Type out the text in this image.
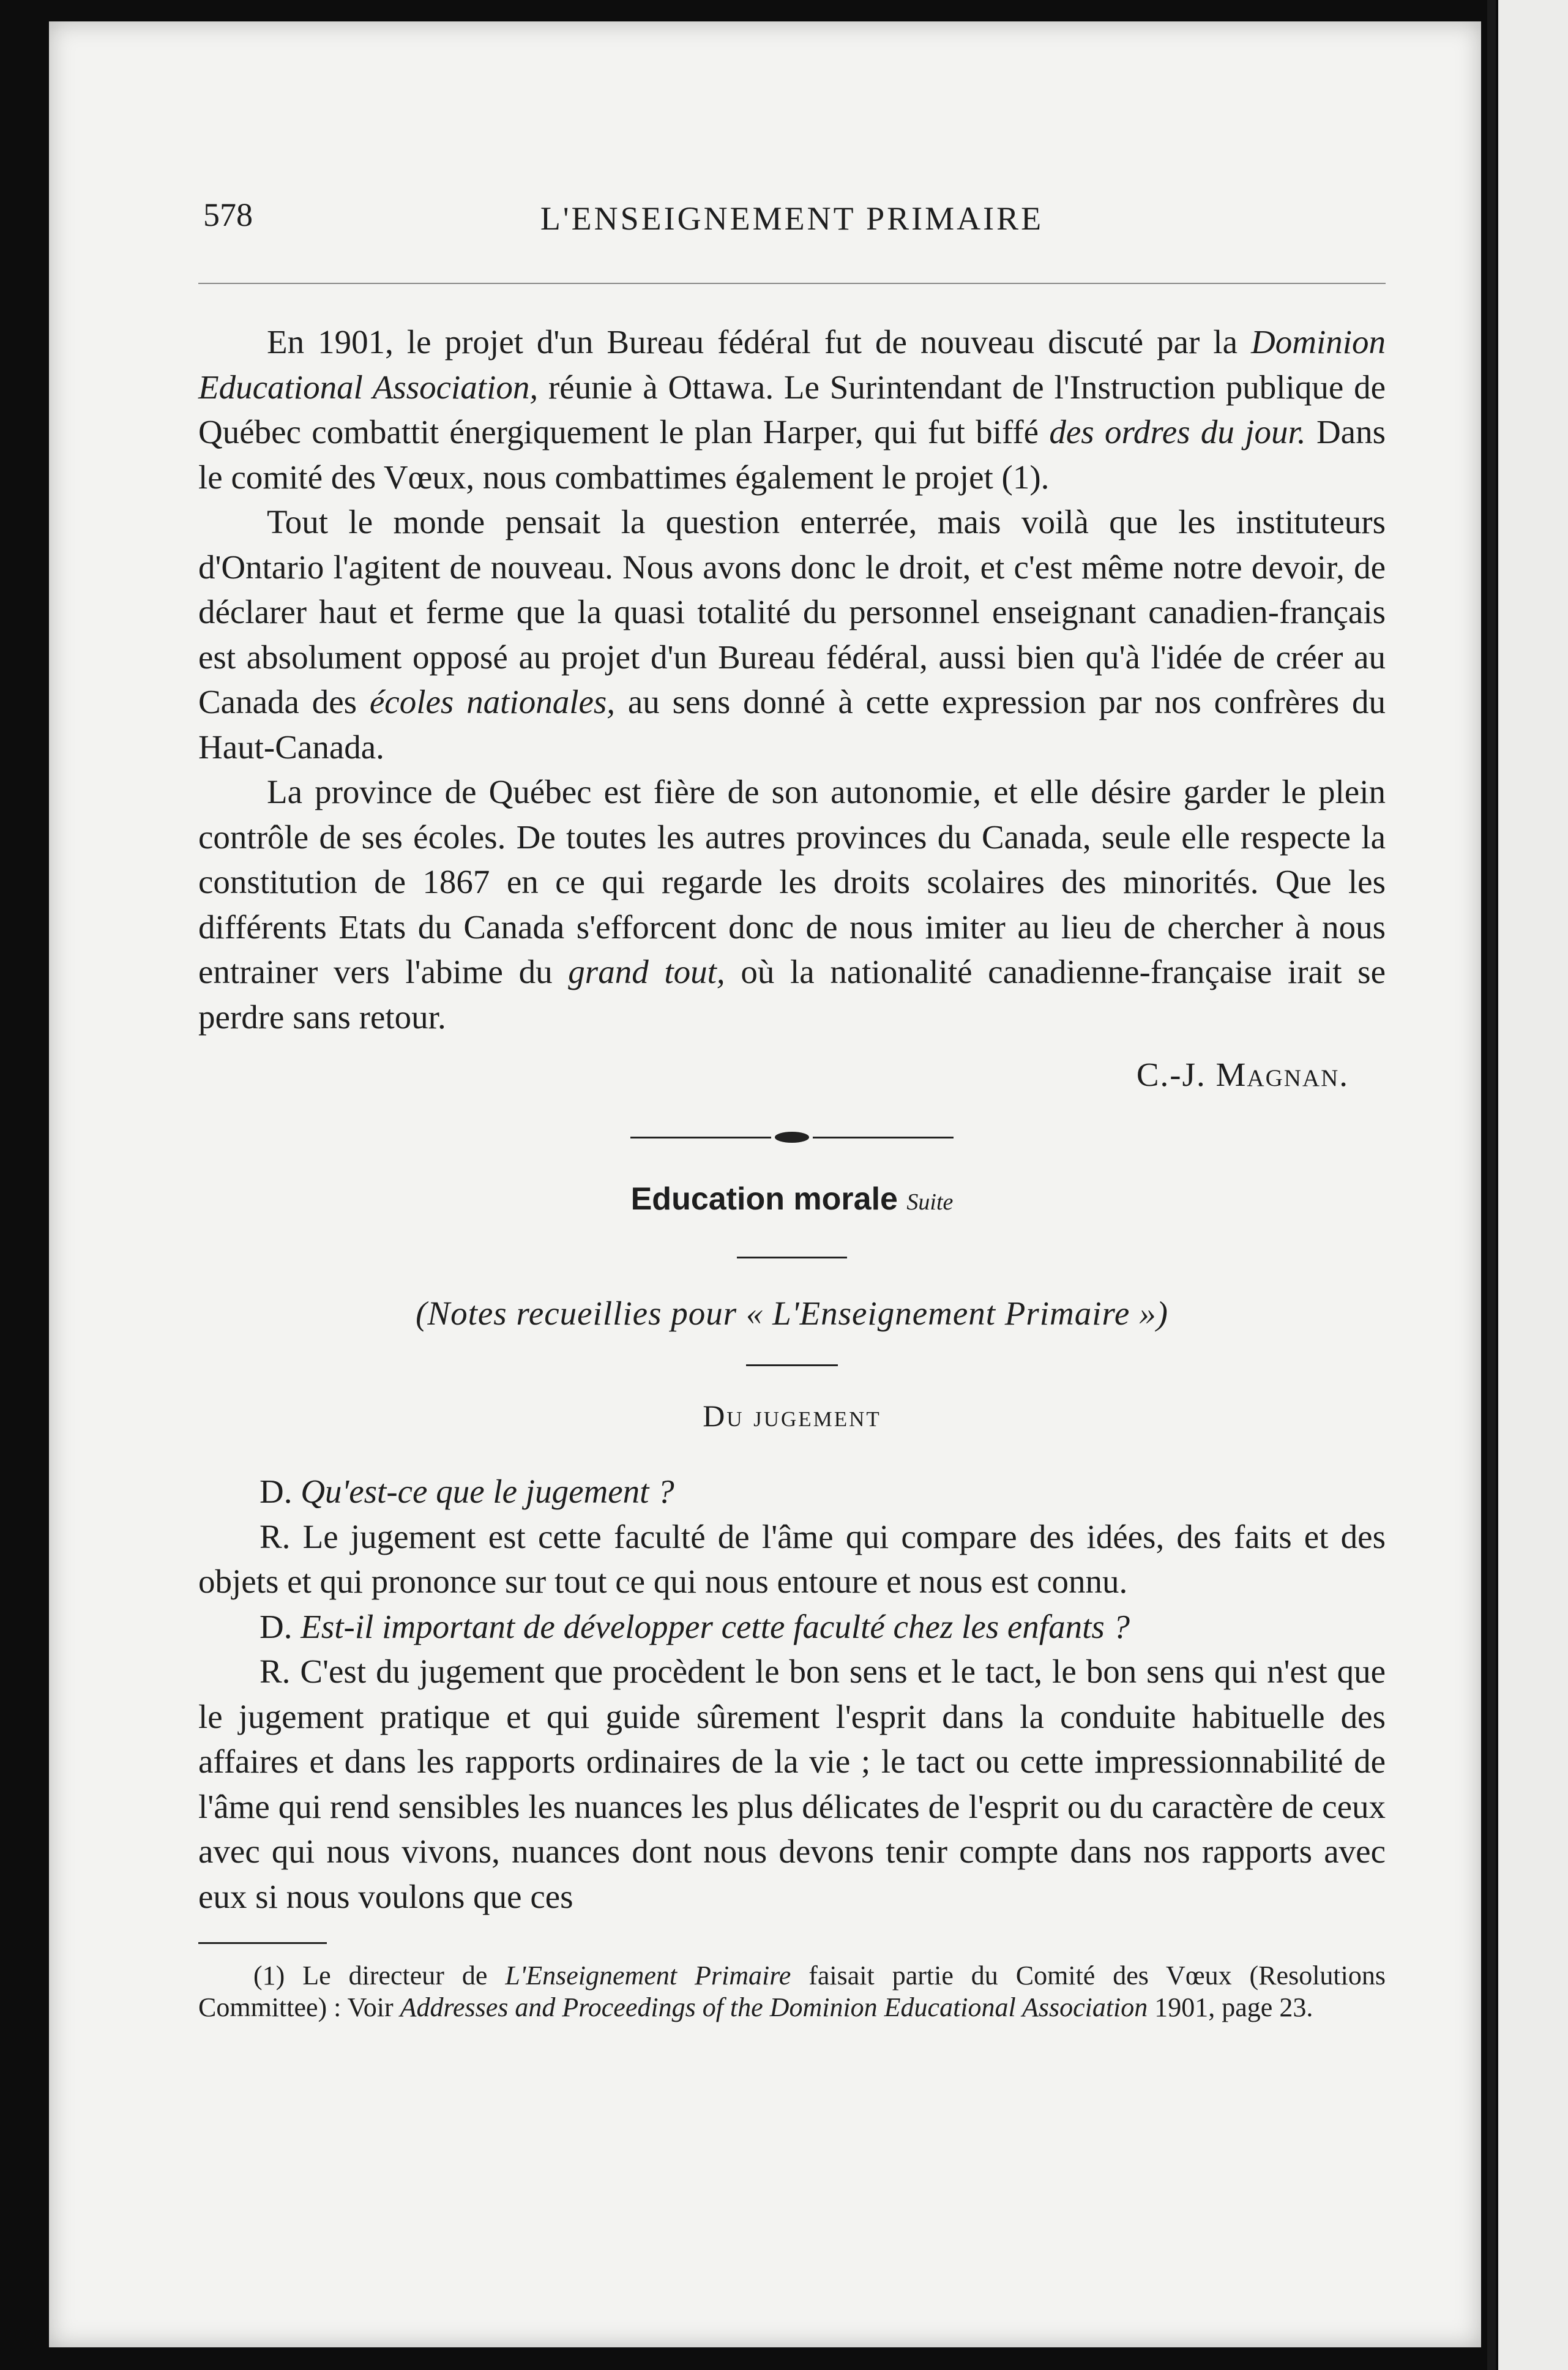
578	L'ENSEIGNEMENT PRIMAIRE

En 1901, le projet d'un Bureau fédéral fut de nouveau discuté par la Dominion Educational Association, réunie à Ottawa. Le Surintendant de l'Instruction publique de Québec combattit énergiquement le plan Harper, qui fut biffé des ordres du jour. Dans le comité des Vœux, nous combattimes également le projet (1).

Tout le monde pensait la question enterrée, mais voilà que les instituteurs d'Ontario l'agitent de nouveau. Nous avons donc le droit, et c'est même notre devoir, de déclarer haut et ferme que la quasi totalité du personnel enseignant canadien-français est absolument opposé au projet d'un Bureau fédéral, aussi bien qu'à l'idée de créer au Canada des écoles nationales, au sens donné à cette expression par nos confrères du Haut-Canada.

La province de Québec est fière de son autonomie, et elle désire garder le plein contrôle de ses écoles. De toutes les autres provinces du Canada, seule elle respecte la constitution de 1867 en ce qui regarde les droits scolaires des minorités. Que les différents Etats du Canada s'efforcent donc de nous imiter au lieu de chercher à nous entrainer vers l'abime du grand tout, où la nationalité canadienne-française irait se perdre sans retour.

C.-J. Magnan.
Education morale Suite
(Notes recueillies pour « L'Enseignement Primaire »)
Du jugement

D. Qu'est-ce que le jugement ?

R. Le jugement est cette faculté de l'âme qui compare des idées, des faits et des objets et qui prononce sur tout ce qui nous entoure et nous est connu.

D. Est-il important de développer cette faculté chez les enfants ?

R. C'est du jugement que procèdent le bon sens et le tact, le bon sens qui n'est que le jugement pratique et qui guide sûrement l'esprit dans la conduite habituelle des affaires et dans les rapports ordinaires de la vie ; le tact ou cette impressionnabilité de l'âme qui rend sensibles les nuances les plus délicates de l'esprit ou du caractère de ceux avec qui nous vivons, nuances dont nous devons tenir compte dans nos rapports avec eux si nous voulons que ces

(1) Le directeur de L'Enseignement Primaire faisait partie du Comité des Vœux (Resolutions Committee) : Voir Addresses and Proceedings of the Dominion Educational Association 1901, page 23.
